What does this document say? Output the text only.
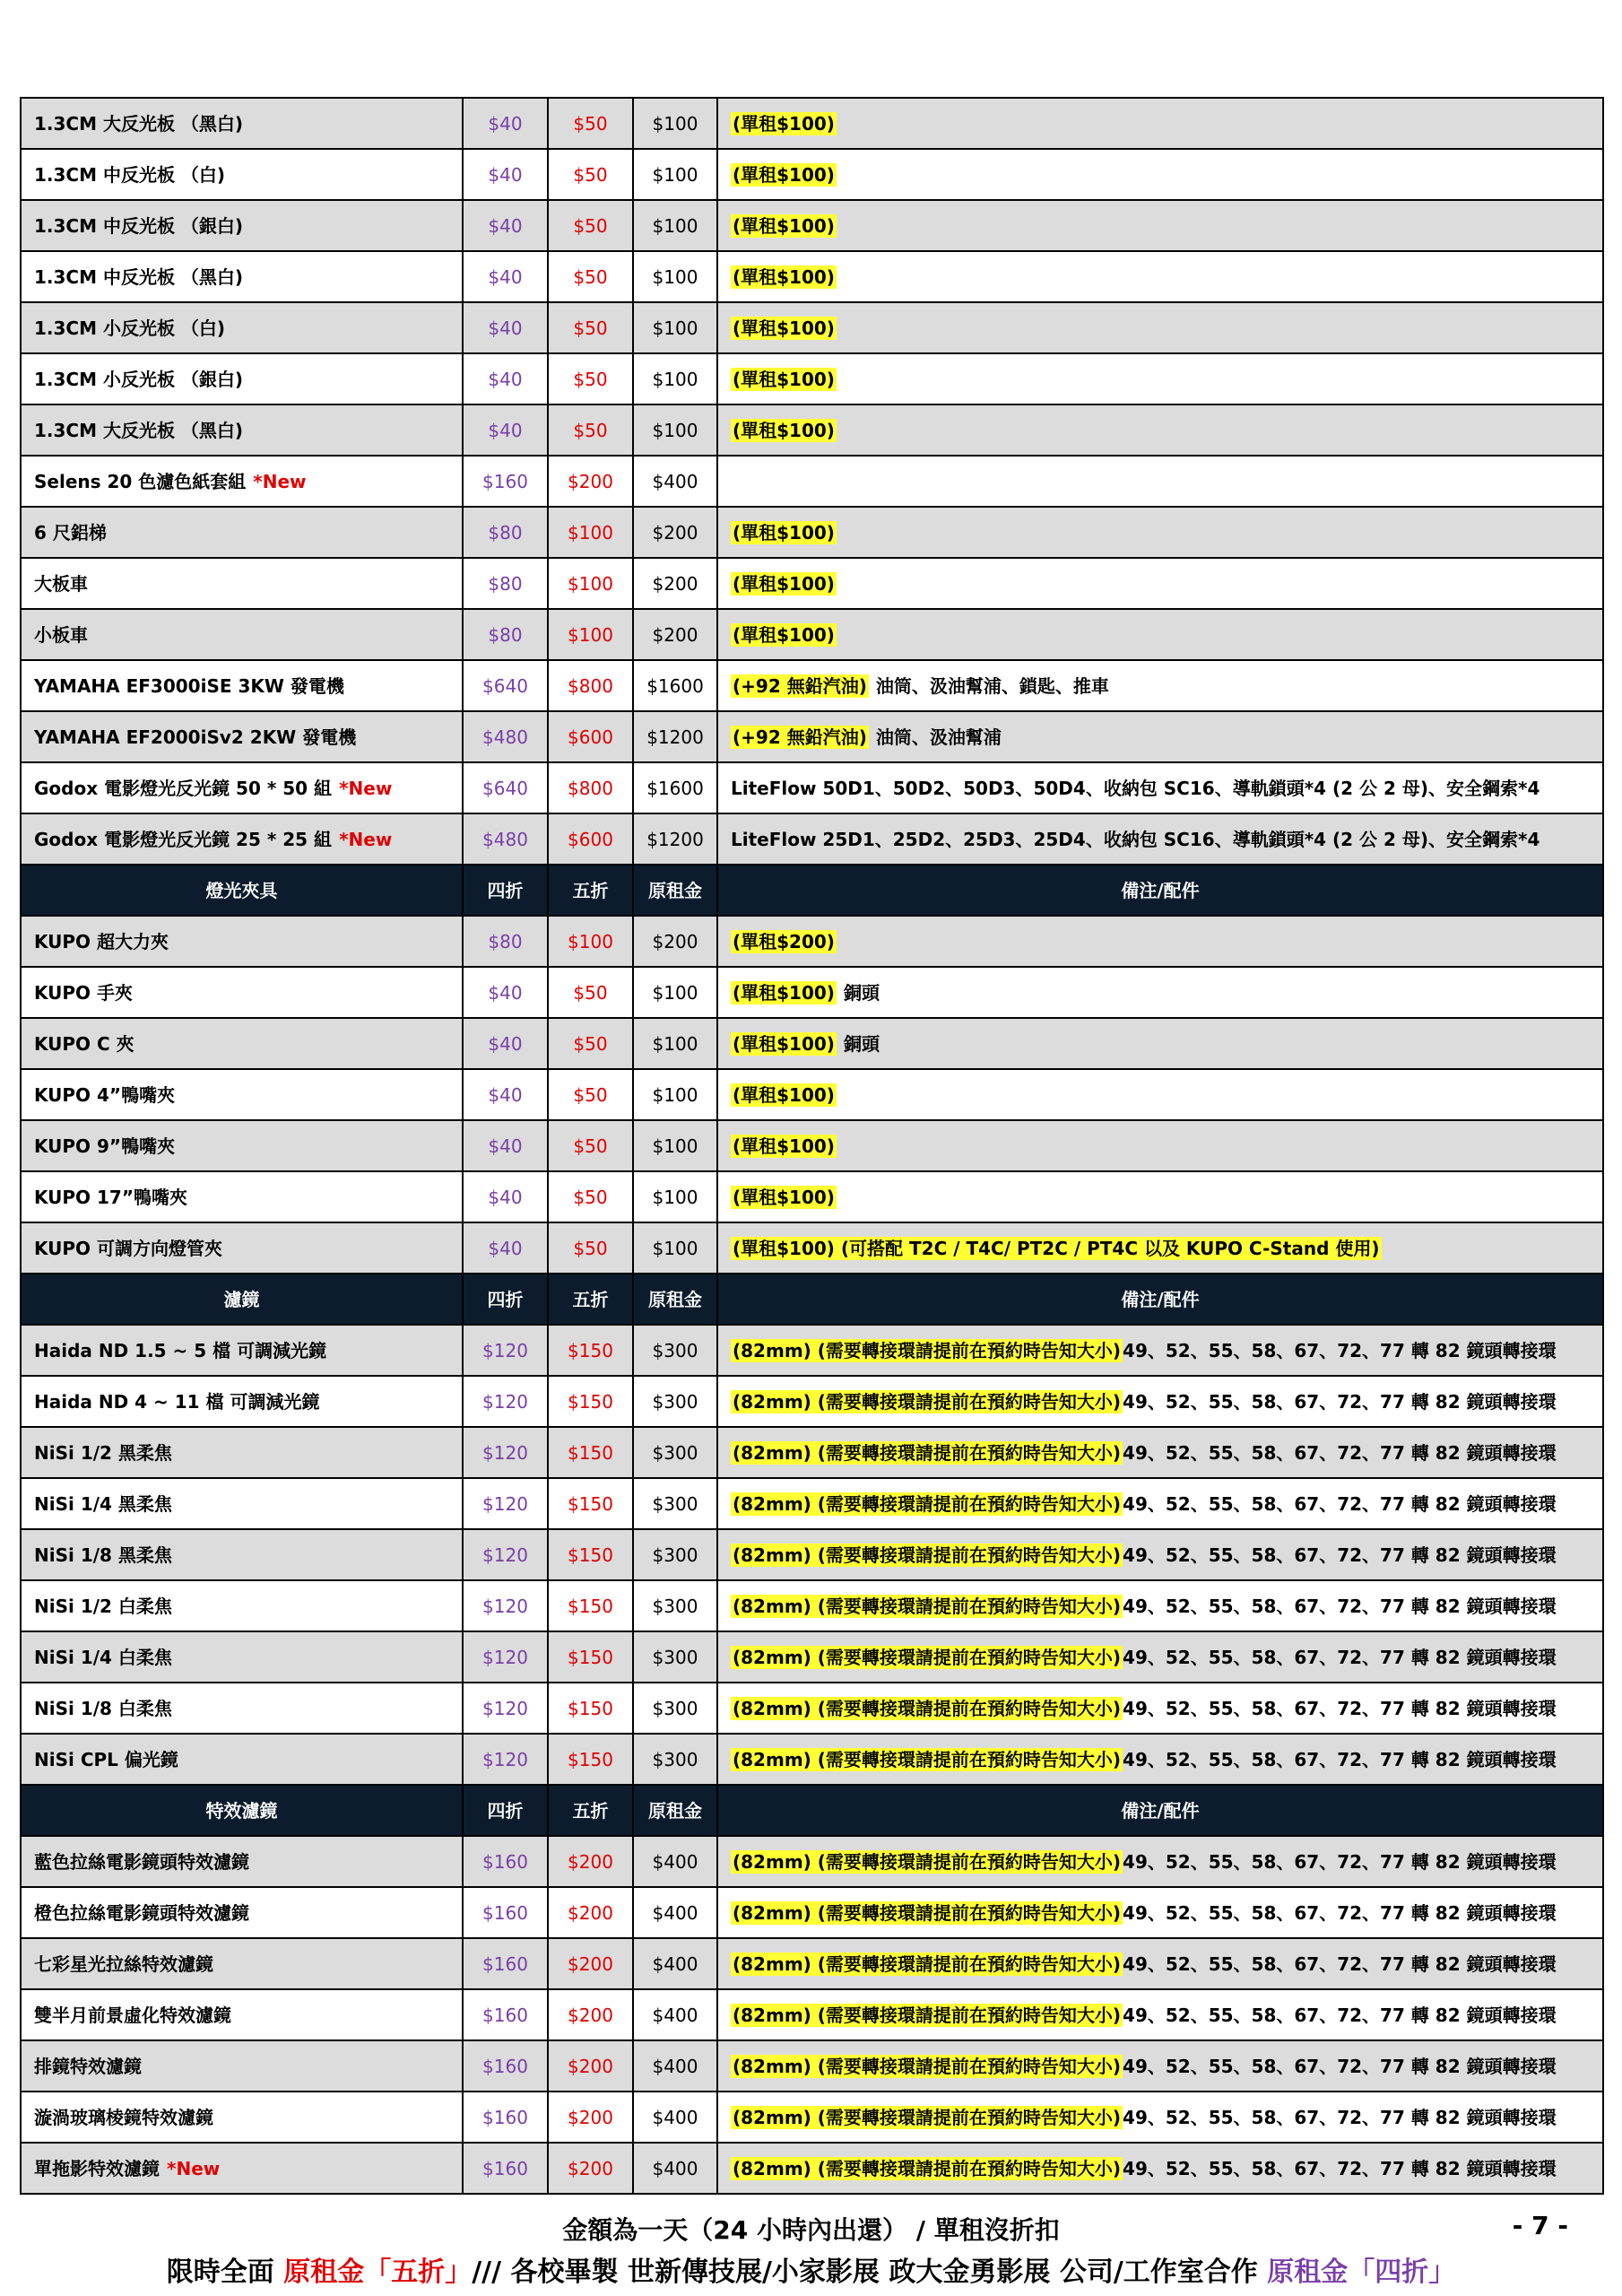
1.3CM 大反光板 （黑白)	$40	$50	$100	(單租$100)
1.3CM 中反光板 （白)	$40	$50	$100	(單租$100)
1.3CM 中反光板 （銀白)	$40	$50	$100	(單租$100)
1.3CM 中反光板 （黑白)	$40	$50	$100	(單租$100)
1.3CM 小反光板 （白)	$40	$50	$100	(單租$100)
1.3CM 小反光板 （銀白)	$40	$50	$100	(單租$100)
1.3CM 大反光板 （黑白)	$40	$50	$100	(單租$100)
Selens 20 色濾色紙套組 *New	$160	$200	$400	
6 尺鋁梯	$80	$100	$200	(單租$100)
大板車	$80	$100	$200	(單租$100)
小板車	$80	$100	$200	(單租$100)
YAMAHA EF3000iSE 3KW 發電機	$640	$800	$1600	(+92 無鉛汽油) 油筒、汲油幫浦、鎖匙、推車
YAMAHA EF2000iSv2 2KW 發電機	$480	$600	$1200	(+92 無鉛汽油) 油筒、汲油幫浦
Godox 電影燈光反光鏡 50 * 50 組 *New	$640	$800	$1600	LiteFlow 50D1、50D2、50D3、50D4、收納包 SC16、導軌鎖頭*4 (2 公 2 母)、安全鋼索*4
Godox 電影燈光反光鏡 25 * 25 組 *New	$480	$600	$1200	LiteFlow 25D1、25D2、25D3、25D4、收納包 SC16、導軌鎖頭*4 (2 公 2 母)、安全鋼索*4
燈光夾具	四折	五折	原租金	備注/配件
KUPO 超大力夾	$80	$100	$200	(單租$200)
KUPO 手夾	$40	$50	$100	(單租$100) 銅頭
KUPO C 夾	$40	$50	$100	(單租$100) 銅頭
KUPO 4”鴨嘴夾	$40	$50	$100	(單租$100)
KUPO 9”鴨嘴夾	$40	$50	$100	(單租$100)
KUPO 17”鴨嘴夾	$40	$50	$100	(單租$100)
KUPO 可調方向燈管夾	$40	$50	$100	(單租$100) (可搭配 T2C / T4C/ PT2C / PT4C 以及 KUPO C-Stand 使用)
濾鏡	四折	五折	原租金	備注/配件
Haida ND 1.5 ~ 5 檔 可調減光鏡	$120	$150	$300	(82mm) (需要轉接環請提前在預約時告知大小) 49、52、55、58、67、72、77 轉 82 鏡頭轉接環
Haida ND 4 ~ 11 檔 可調減光鏡	$120	$150	$300	(82mm) (需要轉接環請提前在預約時告知大小) 49、52、55、58、67、72、77 轉 82 鏡頭轉接環
NiSi 1/2 黑柔焦	$120	$150	$300	(82mm) (需要轉接環請提前在預約時告知大小) 49、52、55、58、67、72、77 轉 82 鏡頭轉接環
NiSi 1/4 黑柔焦	$120	$150	$300	(82mm) (需要轉接環請提前在預約時告知大小) 49、52、55、58、67、72、77 轉 82 鏡頭轉接環
NiSi 1/8 黑柔焦	$120	$150	$300	(82mm) (需要轉接環請提前在預約時告知大小) 49、52、55、58、67、72、77 轉 82 鏡頭轉接環
NiSi 1/2 白柔焦	$120	$150	$300	(82mm) (需要轉接環請提前在預約時告知大小) 49、52、55、58、67、72、77 轉 82 鏡頭轉接環
NiSi 1/4 白柔焦	$120	$150	$300	(82mm) (需要轉接環請提前在預約時告知大小) 49、52、55、58、67、72、77 轉 82 鏡頭轉接環
NiSi 1/8 白柔焦	$120	$150	$300	(82mm) (需要轉接環請提前在預約時告知大小) 49、52、55、58、67、72、77 轉 82 鏡頭轉接環
NiSi CPL 偏光鏡	$120	$150	$300	(82mm) (需要轉接環請提前在預約時告知大小) 49、52、55、58、67、72、77 轉 82 鏡頭轉接環
特效濾鏡	四折	五折	原租金	備注/配件
藍色拉絲電影鏡頭特效濾鏡	$160	$200	$400	(82mm) (需要轉接環請提前在預約時告知大小) 49、52、55、58、67、72、77 轉 82 鏡頭轉接環
橙色拉絲電影鏡頭特效濾鏡	$160	$200	$400	(82mm) (需要轉接環請提前在預約時告知大小) 49、52、55、58、67、72、77 轉 82 鏡頭轉接環
七彩星光拉絲特效濾鏡	$160	$200	$400	(82mm) (需要轉接環請提前在預約時告知大小) 49、52、55、58、67、72、77 轉 82 鏡頭轉接環
雙半月前景虛化特效濾鏡	$160	$200	$400	(82mm) (需要轉接環請提前在預約時告知大小) 49、52、55、58、67、72、77 轉 82 鏡頭轉接環
排鏡特效濾鏡	$160	$200	$400	(82mm) (需要轉接環請提前在預約時告知大小) 49、52、55、58、67、72、77 轉 82 鏡頭轉接環
漩渦玻璃棱鏡特效濾鏡	$160	$200	$400	(82mm) (需要轉接環請提前在預約時告知大小) 49、52、55、58、67、72、77 轉 82 鏡頭轉接環
單拖影特效濾鏡 *New	$160	$200	$400	(82mm) (需要轉接環請提前在預約時告知大小) 49、52、55、58、67、72、77 轉 82 鏡頭轉接環
金額為一天（24 小時內出還） / 單租沒折扣	- 7 -
限時全面 原租金「五折」/// 各校畢製 世新傳技展/小家影展 政大金勇影展 公司/工作室合作 原租金「四折」
